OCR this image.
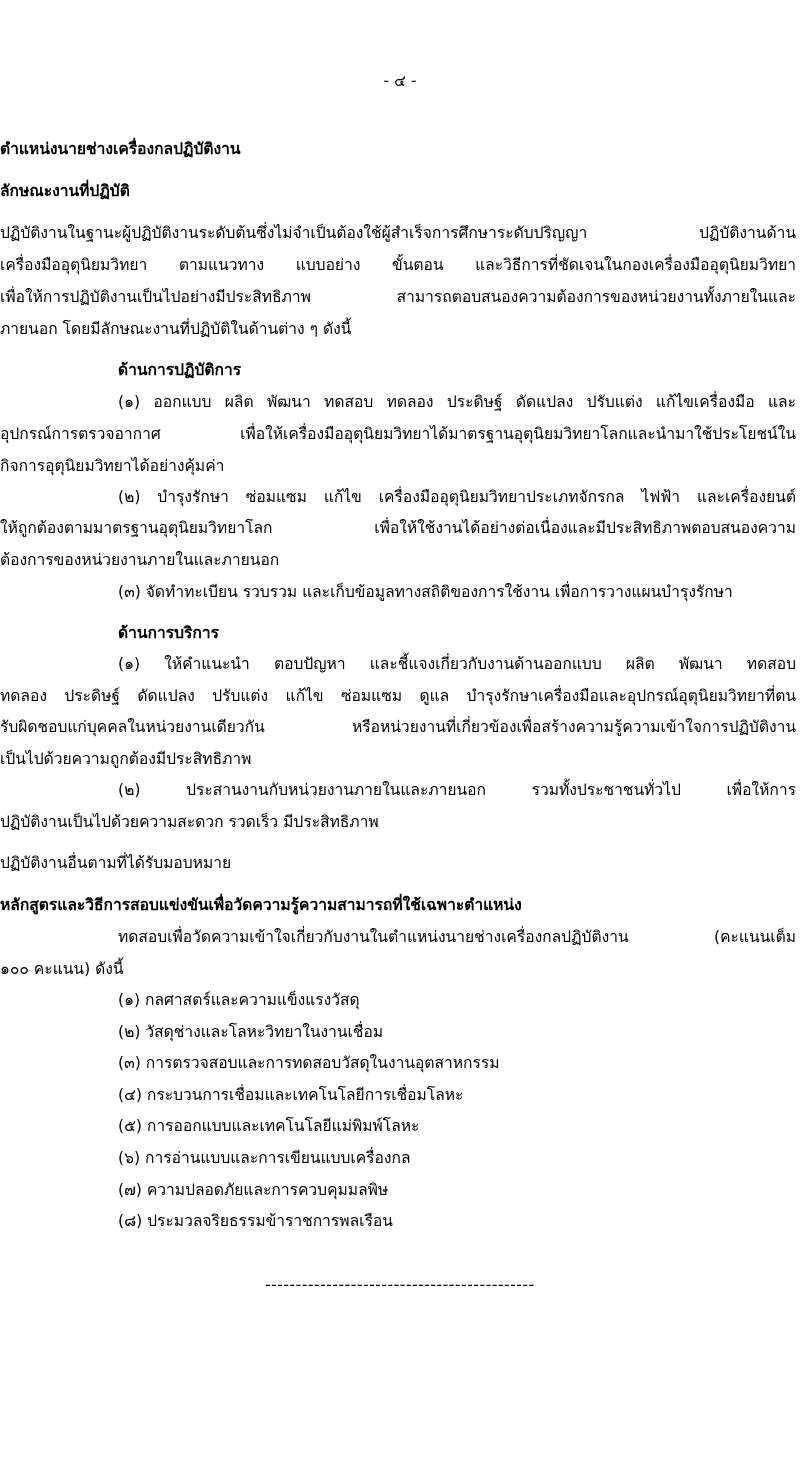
- ๔ -
ตำแหน่งนายช่างเครื่องกลปฏิบัติงาน
ลักษณะงานที่ปฏิบัติ
ปฏิบัติงานในฐานะผู้ปฏิบัติงานระดับต้นซึ่งไม่จำเป็นต้องใช้ผู้สำเร็จการศึกษาระดับปริญญา ปฏิบัติงานด้าน
เครื่องมืออุตุนิยมวิทยา ตามแนวทาง แบบอย่าง ขั้นตอน และวิธีการที่ชัดเจนในกองเครื่องมืออุตุนิยมวิทยา
เพื่อให้การปฏิบัติงานเป็นไปอย่างมีประสิทธิภาพ สามารถตอบสนองความต้องการของหน่วยงานทั้งภายในและ
ภายนอก โดยมีลักษณะงานที่ปฏิบัติในด้านต่าง ๆ ดังนี้
ด้านการปฏิบัติการ
(๑) ออกแบบ ผลิต พัฒนา ทดสอบ ทดลอง ประดิษฐ์ ดัดแปลง ปรับแต่ง แก้ไขเครื่องมือ และ
อุปกรณ์การตรวจอากาศ เพื่อให้เครื่องมืออุตุนิยมวิทยาได้มาตรฐานอุตุนิยมวิทยาโลกและนำมาใช้ประโยชน์ใน
กิจการอุตุนิยมวิทยาได้อย่างคุ้มค่า
(๒) บำรุงรักษา ซ่อมแซม แก้ไข เครื่องมืออุตุนิยมวิทยาประเภทจักรกล ไฟฟ้า และเครื่องยนต์
ให้ถูกต้องตามมาตรฐานอุตุนิยมวิทยาโลก เพื่อให้ใช้งานได้อย่างต่อเนื่องและมีประสิทธิภาพตอบสนองความ
ต้องการของหน่วยงานภายในและภายนอก
(๓) จัดทำทะเบียน รวบรวม และเก็บข้อมูลทางสถิติของการใช้งาน เพื่อการวางแผนบำรุงรักษา
ด้านการบริการ
(๑) ให้คำแนะนำ ตอบปัญหา และชี้แจงเกี่ยวกับงานด้านออกแบบ ผลิต พัฒนา ทดสอบ
ทดลอง ประดิษฐ์ ดัดแปลง ปรับแต่ง แก้ไข ซ่อมแซม ดูแล บำรุงรักษาเครื่องมือและอุปกรณ์อุตุนิยมวิทยาที่ตน
รับผิดชอบแก่บุคคลในหน่วยงานเดียวกัน หรือหน่วยงานที่เกี่ยวข้องเพื่อสร้างความรู้ความเข้าใจการปฏิบัติงาน
เป็นไปด้วยความถูกต้องมีประสิทธิภาพ
(๒) ประสานงานกับหน่วยงานภายในและภายนอก รวมทั้งประชาชนทั่วไป เพื่อให้การ
ปฏิบัติงานเป็นไปด้วยความสะดวก รวดเร็ว มีประสิทธิภาพ
ปฏิบัติงานอื่นตามที่ได้รับมอบหมาย
หลักสูตรและวิธีการสอบแข่งขันเพื่อวัดความรู้ความสามารถที่ใช้เฉพาะตำแหน่ง
ทดสอบเพื่อวัดความเข้าใจเกี่ยวกับงานในตำแหน่งนายช่างเครื่องกลปฏิบัติงาน (คะแนนเต็ม
๑๐๐ คะแนน) ดังนี้
(๑) กลศาสตร์และความแข็งแรงวัสดุ
(๒) วัสดุช่างและโลหะวิทยาในงานเชื่อม
(๓) การตรวจสอบและการทดสอบวัสดุในงานอุตสาหกรรม
(๔) กระบวนการเชื่อมและเทคโนโลยีการเชื่อมโลหะ
(๕) การออกแบบและเทคโนโลยีแม่พิมพ์โลหะ
(๖) การอ่านแบบและการเขียนแบบเครื่องกล
(๗) ความปลอดภัยและการควบคุมมลพิษ
(๘) ประมวลจริยธรรมข้าราชการพลเรือน
--------------------------------------------
